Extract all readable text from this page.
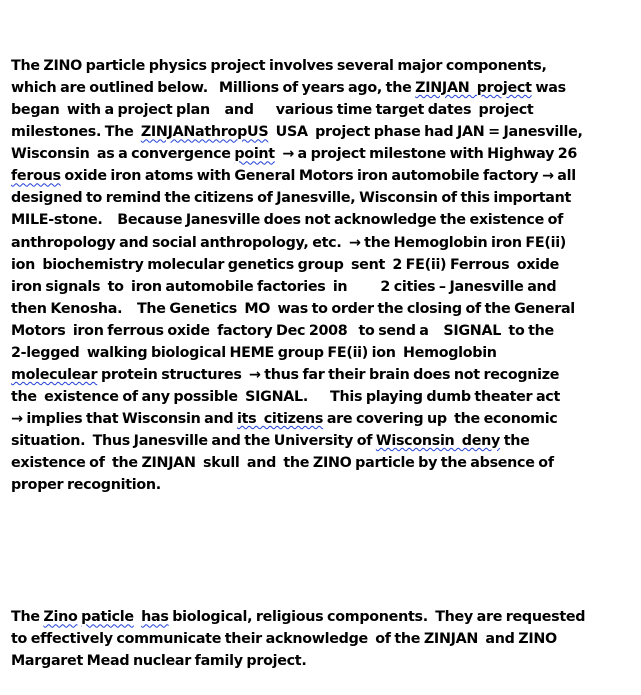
The ZINO particle physics project involves several major components,
which are outlined below.   Millions of years ago, the ZINJAN  project was
began  with a project plan    and      various time target dates  project
milestones. The  ZINJANathropUS  USA  project phase had JAN = Janesville,
Wisconsin  as a convergence point  → a project milestone with Highway 26
ferous oxide iron atoms with General Motors iron automobile factory → all
designed to remind the citizens of Janesville, Wisconsin of this important
MILE-stone.    Because Janesville does not acknowledge the existence of
anthropology and social anthropology, etc.  → the Hemoglobin iron FE(ii)
ion  biochemistry molecular genetics group  sent  2 FE(ii) Ferrous  oxide
iron signals  to  iron automobile factories  in         2 cities – Janesville and
then Kenosha.    The Genetics  MO  was to order the closing of the General
Motors  iron ferrous oxide  factory Dec 2008   to send a    SIGNAL  to the
2-legged  walking biological HEME group FE(ii) ion  Hemoglobin
moleculear protein structures  → thus far their brain does not recognize
the  existence of any possible  SIGNAL.      This playing dumb theater act
→ implies that Wisconsin and its  citizens are covering up  the economic
situation.  Thus Janesville and the University of Wisconsin  deny the
existence of  the ZINJAN  skull  and  the ZINO particle by the absence of
proper recognition.

The Zino paticle has biological, religious components.  They are requested
to effectively communicate their acknowledge  of the ZINJAN  and ZINO
Margaret Mead nuclear family project.
